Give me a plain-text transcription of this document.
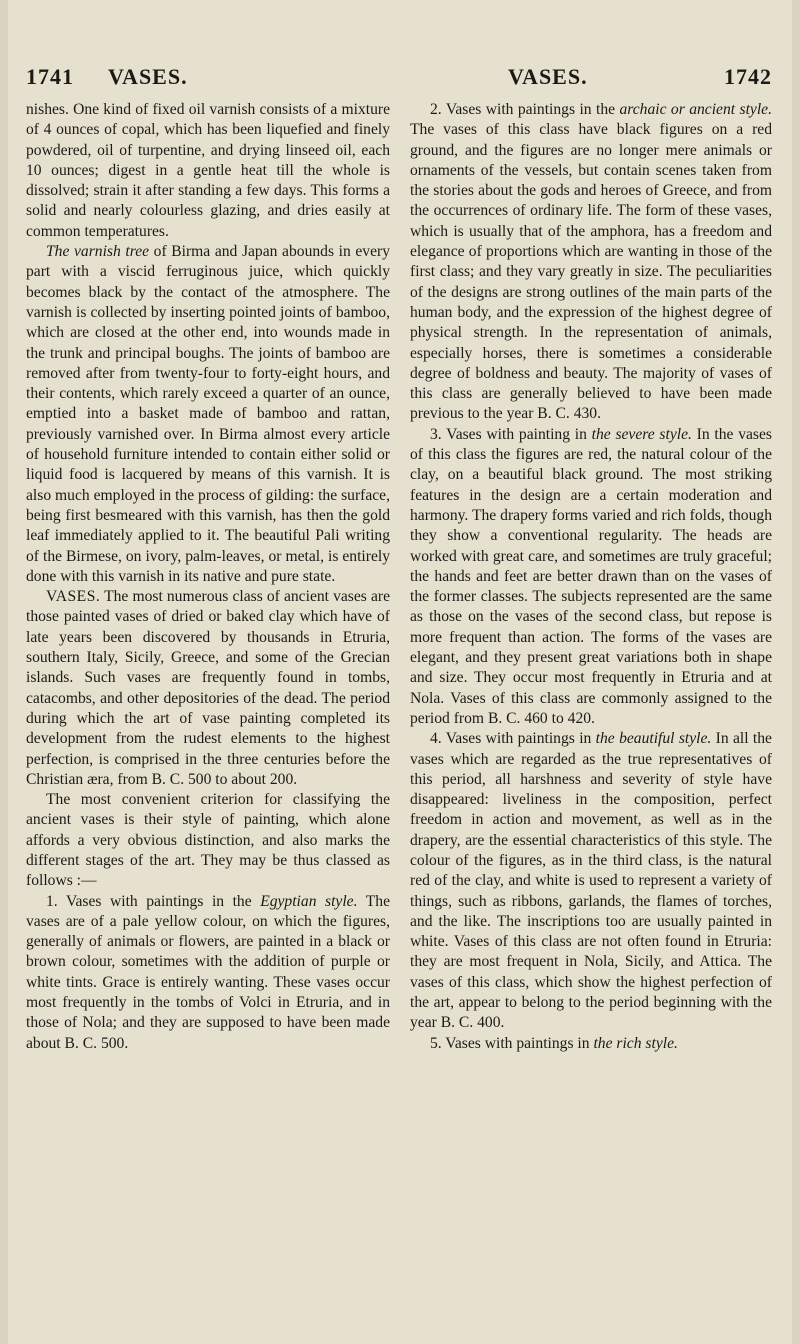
1741 VASES.	VASES.	1742

nishes. One kind of fixed oil varnish consists of a mixture of 4 ounces of copal, which has been liquefied and finely powdered, oil of turpentine, and drying linseed oil, each 10 ounces; digest in a gentle heat till the whole is dissolved; strain it after standing a few days. This forms a solid and nearly colourless glazing, and dries easily at common temperatures.

The varnish tree of Birma and Japan abounds in every part with a viscid ferruginous juice, which quickly becomes black by the contact of the atmosphere. The varnish is collected by inserting pointed joints of bamboo, which are closed at the other end, into wounds made in the trunk and principal boughs. The joints of bamboo are removed after from twenty-four to forty-eight hours, and their contents, which rarely exceed a quarter of an ounce, emptied into a basket made of bamboo and rattan, previously varnished over. In Birma almost every article of household furniture intended to contain either solid or liquid food is lacquered by means of this varnish. It is also much employed in the process of gilding: the surface, being first besmeared with this varnish, has then the gold leaf immediately applied to it. The beautiful Pali writing of the Birmese, on ivory, palm-leaves, or metal, is entirely done with this varnish in its native and pure state.

VASES. The most numerous class of ancient vases are those painted vases of dried or baked clay which have of late years been discovered by thousands in Etruria, southern Italy, Sicily, Greece, and some of the Grecian islands. Such vases are frequently found in tombs, catacombs, and other depositories of the dead. The period during which the art of vase painting completed its development from the rudest elements to the highest perfection, is comprised in the three centuries before the Christian æra, from B. C. 500 to about 200.

The most convenient criterion for classifying the ancient vases is their style of painting, which alone affords a very obvious distinction, and also marks the different stages of the art. They may be thus classed as follows :—

1. Vases with paintings in the Egyptian style. The vases are of a pale yellow colour, on which the figures, generally of animals or flowers, are painted in a black or brown colour, sometimes with the addition of purple or white tints. Grace is entirely wanting. These vases occur most frequently in the tombs of Volci in Etruria, and in those of Nola; and they are supposed to have been made about B. C. 500.

2. Vases with paintings in the archaic or ancient style. The vases of this class have black figures on a red ground, and the figures are no longer mere animals or ornaments of the vessels, but contain scenes taken from the stories about the gods and heroes of Greece, and from the occurrences of ordinary life. The form of these vases, which is usually that of the amphora, has a freedom and elegance of proportions which are wanting in those of the first class; and they vary greatly in size. The peculiarities of the designs are strong outlines of the main parts of the human body, and the expression of the highest degree of physical strength. In the representation of animals, especially horses, there is sometimes a considerable degree of boldness and beauty. The majority of vases of this class are generally believed to have been made previous to the year B. C. 430.

3. Vases with painting in the severe style. In the vases of this class the figures are red, the natural colour of the clay, on a beautiful black ground. The most striking features in the design are a certain moderation and harmony. The drapery forms varied and rich folds, though they show a conventional regularity. The heads are worked with great care, and sometimes are truly graceful; the hands and feet are better drawn than on the vases of the former classes. The subjects represented are the same as those on the vases of the second class, but repose is more frequent than action. The forms of the vases are elegant, and they present great variations both in shape and size. They occur most frequently in Etruria and at Nola. Vases of this class are commonly assigned to the period from B. C. 460 to 420.

4. Vases with paintings in the beautiful style. In all the vases which are regarded as the true representatives of this period, all harshness and severity of style have disappeared: liveliness in the composition, perfect freedom in action and movement, as well as in the drapery, are the essential characteristics of this style. The colour of the figures, as in the third class, is the natural red of the clay, and white is used to represent a variety of things, such as ribbons, garlands, the flames of torches, and the like. The inscriptions too are usually painted in white. Vases of this class are not often found in Etruria: they are most frequent in Nola, Sicily, and Attica. The vases of this class, which show the highest perfection of the art, appear to belong to the period beginning with the year B. C. 400.

5. Vases with paintings in the rich style.
